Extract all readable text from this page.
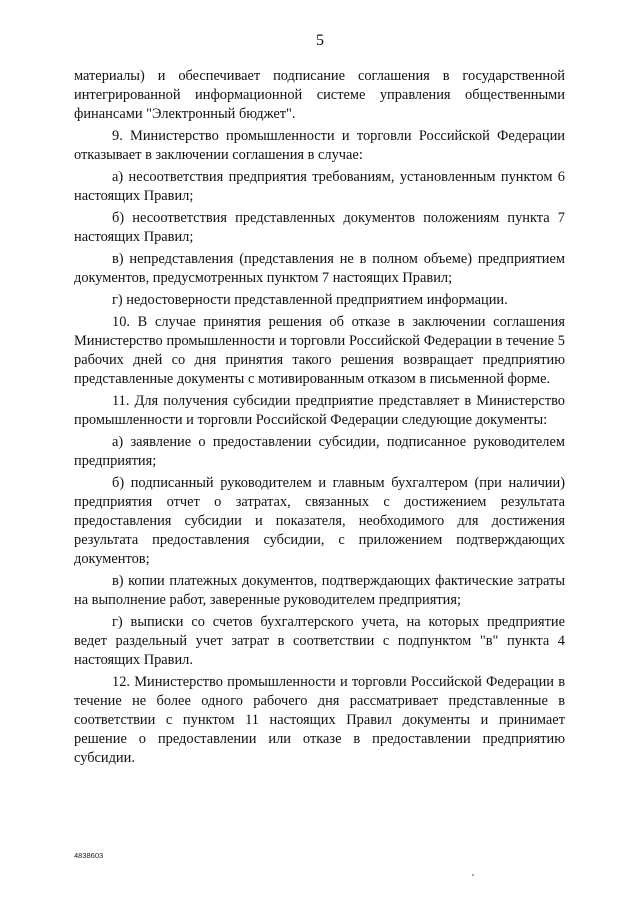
5

материалы) и обеспечивает подписание соглашения в государственной интегрированной информационной системе управления общественными финансами "Электронный бюджет".

9. Министерство промышленности и торговли Российской Федерации отказывает в заключении соглашения в случае:

а) несоответствия предприятия требованиям, установленным пунктом 6 настоящих Правил;

б) несоответствия представленных документов положениям пункта 7 настоящих Правил;

в) непредставления (представления не в полном объеме) предприятием документов, предусмотренных пунктом 7 настоящих Правил;

г) недостоверности представленной предприятием информации.

10. В случае принятия решения об отказе в заключении соглашения Министерство промышленности и торговли Российской Федерации в течение 5 рабочих дней со дня принятия такого решения возвращает предприятию представленные документы с мотивированным отказом в письменной форме.

11. Для получения субсидии предприятие представляет в Министерство промышленности и торговли Российской Федерации следующие документы:

а) заявление о предоставлении субсидии, подписанное руководителем предприятия;

б) подписанный руководителем и главным бухгалтером (при наличии) предприятия отчет о затратах, связанных с достижением результата предоставления субсидии и показателя, необходимого для достижения результата предоставления субсидии, с приложением подтверждающих документов;

в) копии платежных документов, подтверждающих фактические затраты на выполнение работ, заверенные руководителем предприятия;

г) выписки со счетов бухгалтерского учета, на которых предприятие ведет раздельный учет затрат в соответствии с подпунктом "в" пункта 4 настоящих Правил.

12. Министерство промышленности и торговли Российской Федерации в течение не более одного рабочего дня рассматривает представленные в соответствии с пунктом 11 настоящих Правил документы и принимает решение о предоставлении или отказе в предоставлении предприятию субсидии.

4838603
